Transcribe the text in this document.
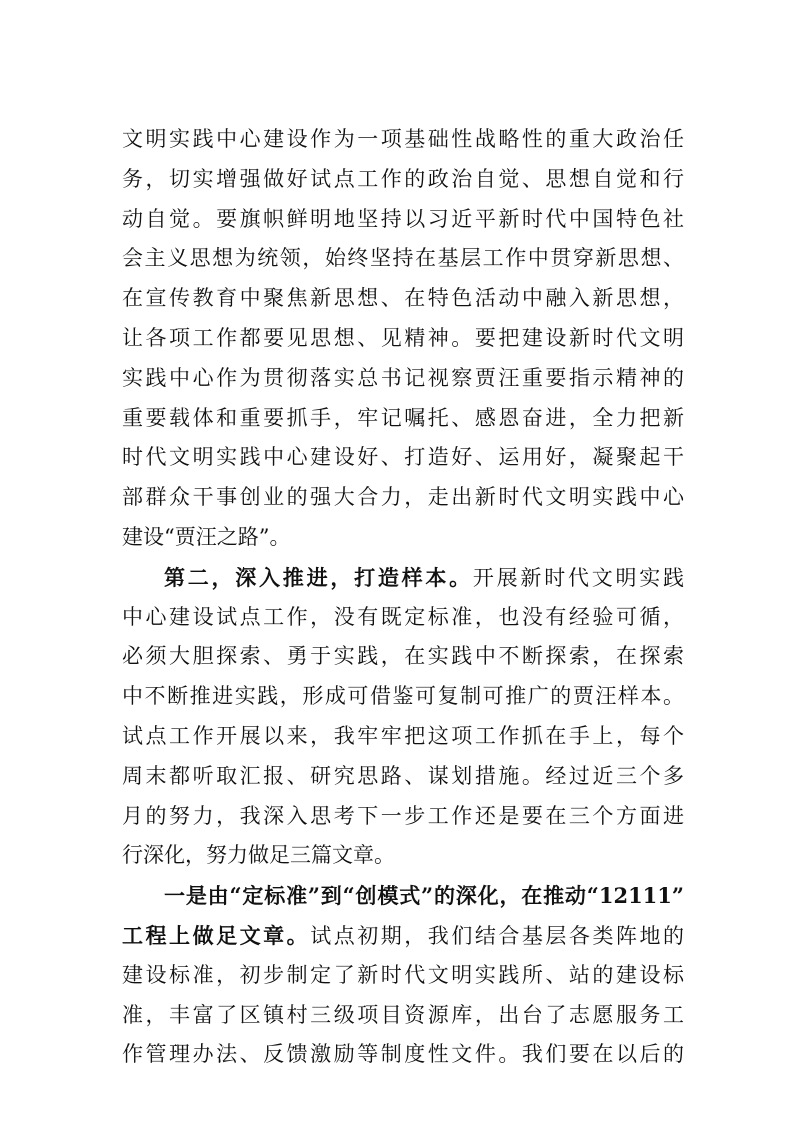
文明实践中心建设作为一项基础性战略性的重大政治任
务，切实增强做好试点工作的政治自觉、思想自觉和行
动自觉。要旗帜鲜明地坚持以习近平新时代中国特色社
会主义思想为统领，始终坚持在基层工作中贯穿新思想、
在宣传教育中聚焦新思想、在特色活动中融入新思想，
让各项工作都要见思想、见精神。要把建设新时代文明
实践中心作为贯彻落实总书记视察贾汪重要指示精神的
重要载体和重要抓手，牢记嘱托、感恩奋进，全力把新
时代文明实践中心建设好、打造好、运用好，凝聚起干
部群众干事创业的强大合力，走出新时代文明实践中心
建设“贾汪之路”。
第二，深入推进，打造样本。开展新时代文明实践
中心建设试点工作，没有既定标准，也没有经验可循，
必须大胆探索、勇于实践，在实践中不断探索，在探索
中不断推进实践，形成可借鉴可复制可推广的贾汪样本。
试点工作开展以来，我牢牢把这项工作抓在手上，每个
周末都听取汇报、研究思路、谋划措施。经过近三个多
月的努力，我深入思考下一步工作还是要在三个方面进
行深化，努力做足三篇文章。
一是由“定标准”到“创模式”的深化，在推动“12111”
工程上做足文章。试点初期，我们结合基层各类阵地的
建设标准，初步制定了新时代文明实践所、站的建设标
准，丰富了区镇村三级项目资源库，出台了志愿服务工
作管理办法、反馈激励等制度性文件。我们要在以后的
